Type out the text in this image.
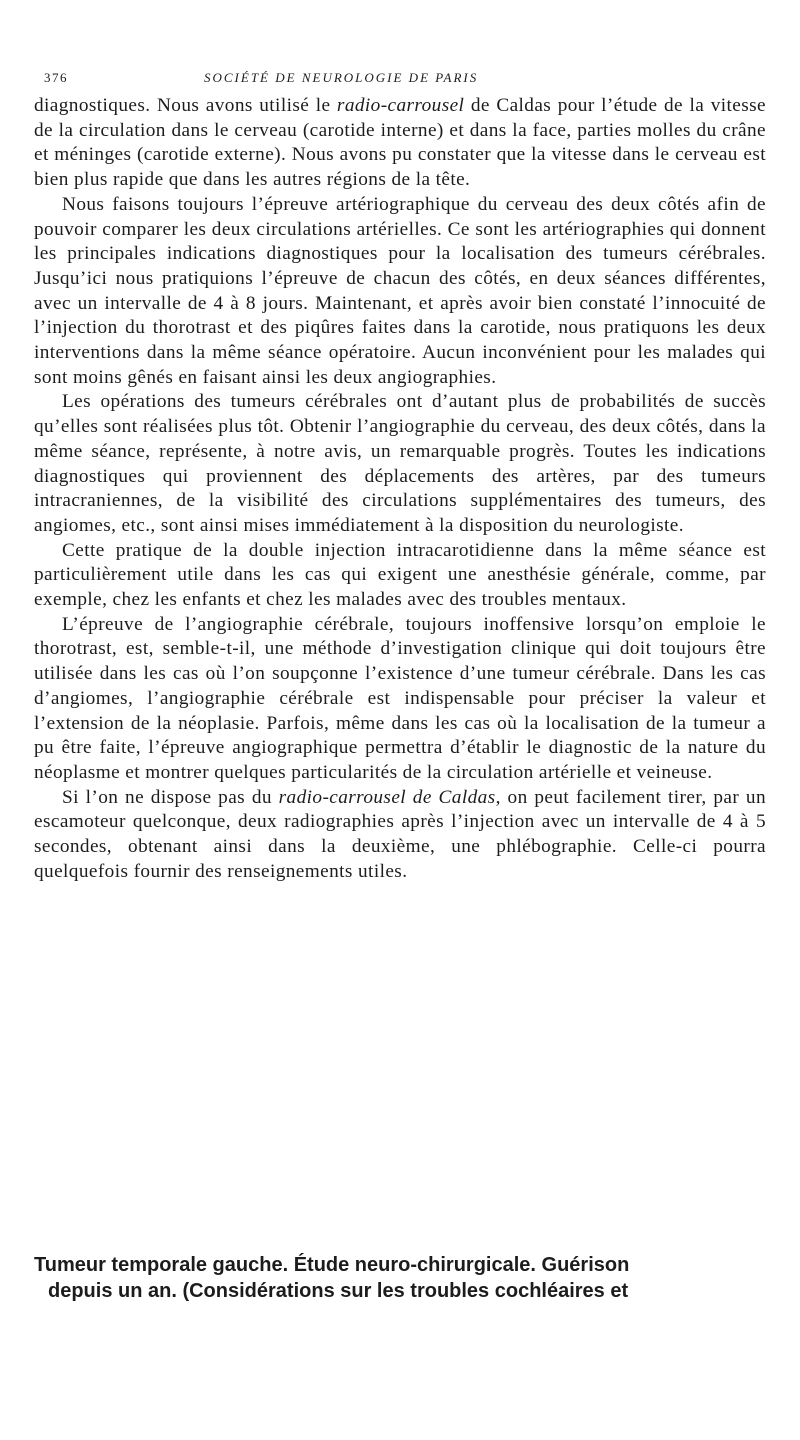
376	SOCIÉTÉ DE NEUROLOGIE DE PARIS

diagnostiques. Nous avons utilisé le radio-carrousel de Caldas pour l’étude de la vitesse de la circulation dans le cerveau (carotide interne) et dans la face, parties molles du crâne et méninges (carotide externe). Nous avons pu constater que la vitesse dans le cerveau est bien plus rapide que dans les autres régions de la tête.

Nous faisons toujours l’épreuve artériographique du cerveau des deux côtés afin de pouvoir comparer les deux circulations artérielles. Ce sont les artériographies qui donnent les principales indications diagnostiques pour la localisation des tumeurs cérébrales. Jusqu’ici nous pratiquions l’épreuve de chacun des côtés, en deux séances différentes, avec un intervalle de 4 à 8 jours. Maintenant, et après avoir bien constaté l’innocuité de l’injection du thorotrast et des piqûres faites dans la carotide, nous pratiquons les deux interventions dans la même séance opératoire. Aucun inconvénient pour les malades qui sont moins gênés en faisant ainsi les deux angiographies.

Les opérations des tumeurs cérébrales ont d’autant plus de probabilités de succès qu’elles sont réalisées plus tôt. Obtenir l’angiographie du cerveau, des deux côtés, dans la même séance, représente, à notre avis, un remarquable progrès. Toutes les indications diagnostiques qui proviennent des déplacements des artères, par des tumeurs intracraniennes, de la visibilité des circulations supplémentaires des tumeurs, des angiomes, etc., sont ainsi mises immédiatement à la disposition du neurologiste.

Cette pratique de la double injection intracarotidienne dans la même séance est particulièrement utile dans les cas qui exigent une anesthésie générale, comme, par exemple, chez les enfants et chez les malades avec des troubles mentaux.

L’épreuve de l’angiographie cérébrale, toujours inoffensive lorsqu’on emploie le thorotrast, est, semble-t-il, une méthode d’investigation clinique qui doit toujours être utilisée dans les cas où l’on soupçonne l’existence d’une tumeur cérébrale. Dans les cas d’angiomes, l’angiographie cérébrale est indispensable pour préciser la valeur et l’extension de la néoplasie. Parfois, même dans les cas où la localisation de la tumeur a pu être faite, l’épreuve angiographique permettra d’établir le diagnostic de la nature du néoplasme et montrer quelques particularités de la circulation artérielle et veineuse.

Si l’on ne dispose pas du radio-carrousel de Caldas, on peut facilement tirer, par un escamoteur quelconque, deux radiographies après l’injection avec un intervalle de 4 à 5 secondes, obtenant ainsi dans la deuxième, une phlébographie. Celle-ci pourra quelquefois fournir des renseignements utiles.

Tumeur temporale gauche. Étude neuro-chirurgicale. Guérison
depuis un an. (Considérations sur les troubles cochléaires et
